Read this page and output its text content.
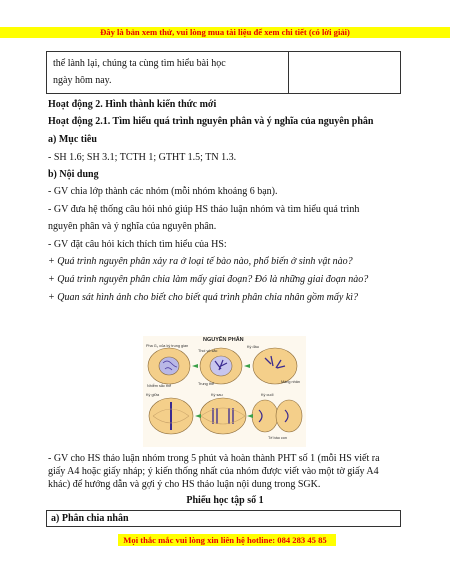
Đây là bản xem thử, vui lòng mua tài liệu để xem chi tiết (có lời giải)
thể lành lại, chúng ta cùng tìm hiểu bài học
ngày hôm nay.
Hoạt động 2. Hình thành kiến thức mới
Hoạt động 2.1. Tìm hiểu quá trình nguyên phân và ý nghĩa của nguyên phân
a) Mục tiêu
- SH 1.6; SH 3.1; TCTH 1; GTHT 1.5; TN 1.3.
b) Nội dung
- GV chia lớp thành các nhóm (mỗi nhóm khoảng 6 bạn).
- GV đưa hệ thống câu hỏi nhỏ giúp HS thảo luận nhóm và tìm hiểu quá trình
nguyên phân và ý nghĩa của nguyên phân.
- GV đặt câu hỏi kích thích tìm hiểu của HS:
+ Quá trình nguyên phân xảy ra ở loại tế bào nào, phổ biến ở sinh vật nào?
+ Quá trình nguyên phân chia làm mấy giai đoạn? Đó là những giai đoạn nào?
+ Quan sát hình ảnh cho biết cho biết quá trình phân chia nhân gồm mấy kì?
NGUYÊN PHÂN
Pha G₂ của kỳ trung gian	Kỳ đầu
Kỳ giữa	Kỳ sau	Kỳ cuối
Thoi vô sắc
Trung thể
Nhiễm sắc thể
Màng nhân
Tế bào con
- GV cho HS thảo luận nhóm trong 5 phút và hoàn thành PHT số 1 (mỗi HS viết ra
Phiếu học tập số 1
a) Phân chia nhân
Mọi thắc mắc vui lòng xin liên hệ hotline: 084 283 45 85
giấy A4 hoặc giấy nháp; ý kiến thống nhất của nhóm được viết vào một tờ giấy A4
khác) để hướng dẫn và gợi ý cho HS thảo luận nội dung trong SGK.
